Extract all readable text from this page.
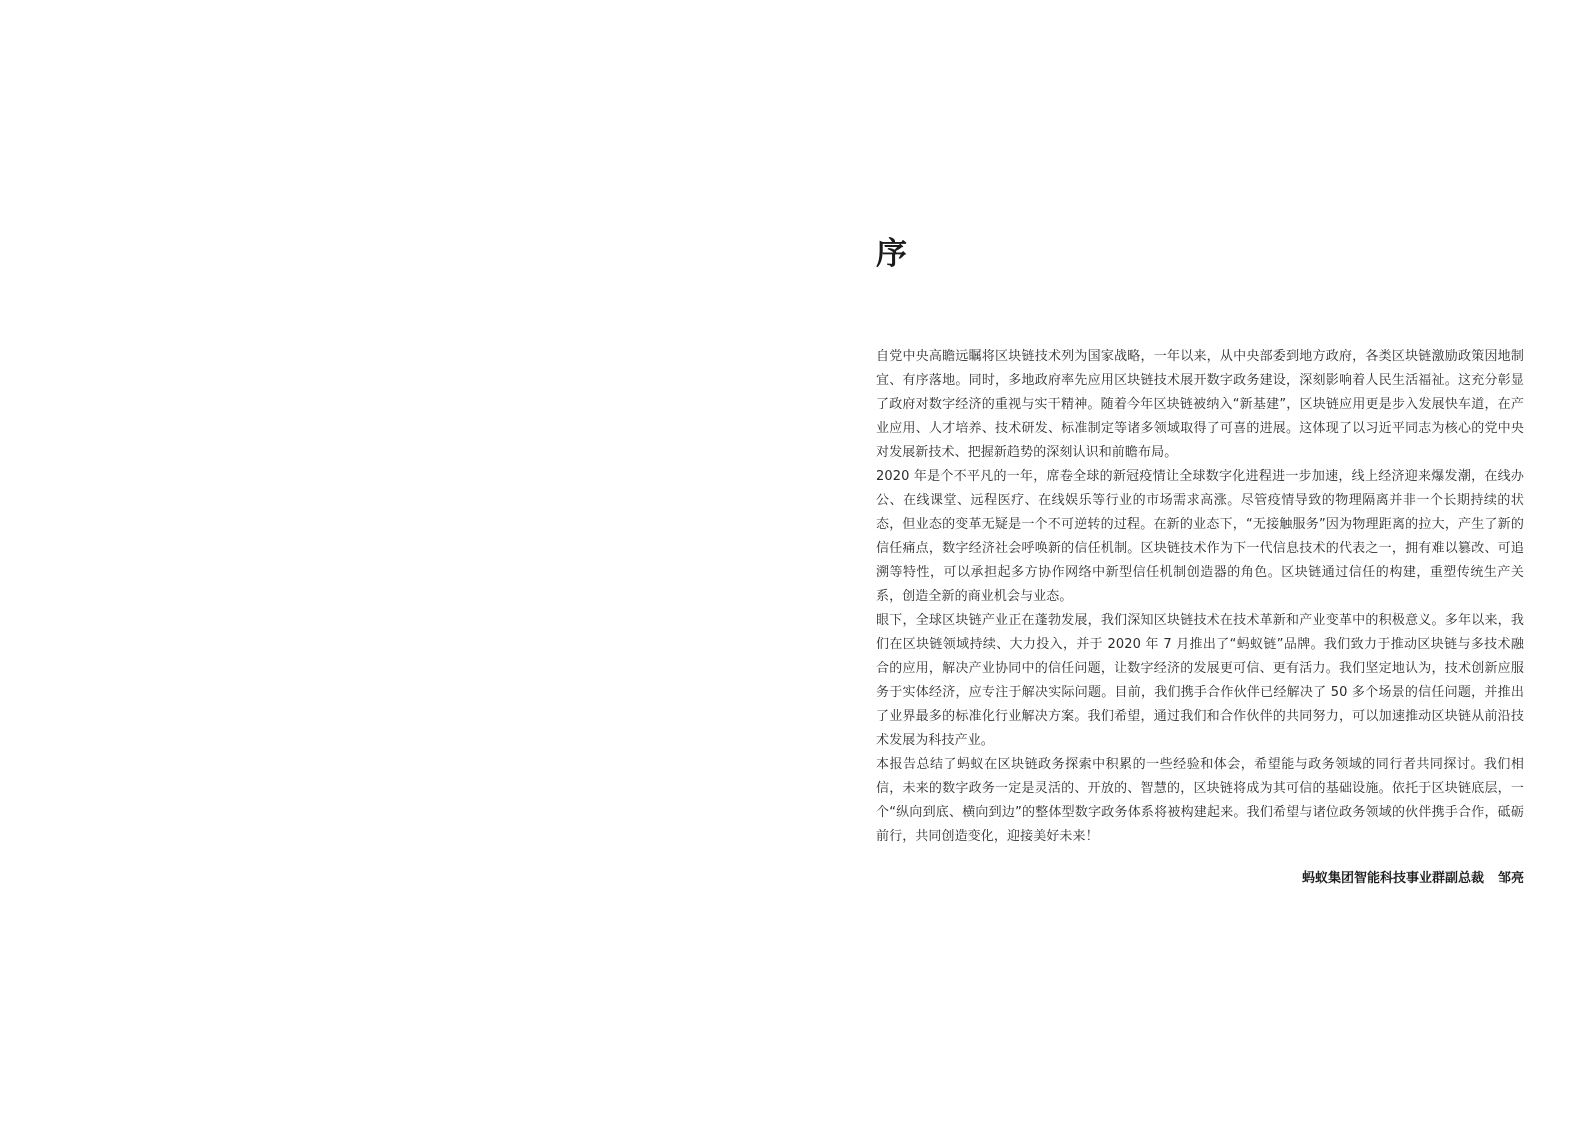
序

自党中央高瞻远瞩将区块链技术列为国家战略，一年以来，从中央部委到地方政府，各类区块链激励政策因地制宜、有序落地。同时，多地政府率先应用区块链技术展开数字政务建设，深刻影响着人民生活福祉。这充分彰显了政府对数字经济的重视与实干精神。随着今年区块链被纳入“新基建”，区块链应用更是步入发展快车道，在产业应用、人才培养、技术研发、标准制定等诸多领域取得了可喜的进展。这体现了以习近平同志为核心的党中央对发展新技术、把握新趋势的深刻认识和前瞻布局。

2020 年是个不平凡的一年，席卷全球的新冠疫情让全球数字化进程进一步加速，线上经济迎来爆发潮，在线办公、在线课堂、远程医疗、在线娱乐等行业的市场需求高涨。尽管疫情导致的物理隔离并非一个长期持续的状态，但业态的变革无疑是一个不可逆转的过程。在新的业态下，“无接触服务”因为物理距离的拉大，产生了新的信任痛点，数字经济社会呼唤新的信任机制。区块链技术作为下一代信息技术的代表之一，拥有难以篡改、可追溯等特性，可以承担起多方协作网络中新型信任机制创造器的角色。区块链通过信任的构建，重塑传统生产关系，创造全新的商业机会与业态。

眼下，全球区块链产业正在蓬勃发展，我们深知区块链技术在技术革新和产业变革中的积极意义。多年以来，我们在区块链领域持续、大力投入，并于 2020 年 7 月推出了“蚂蚁链”品牌。我们致力于推动区块链与多技术融合的应用，解决产业协同中的信任问题，让数字经济的发展更可信、更有活力。我们坚定地认为，技术创新应服务于实体经济，应专注于解决实际问题。目前，我们携手合作伙伴已经解决了 50 多个场景的信任问题，并推出了业界最多的标准化行业解决方案。我们希望，通过我们和合作伙伴的共同努力，可以加速推动区块链从前沿技术发展为科技产业。

本报告总结了蚂蚁在区块链政务探索中积累的一些经验和体会，希望能与政务领域的同行者共同探讨。我们相信，未来的数字政务一定是灵活的、开放的、智慧的，区块链将成为其可信的基础设施。依托于区块链底层，一个“纵向到底、横向到边”的整体型数字政务体系将被构建起来。我们希望与诸位政务领域的伙伴携手合作，砥砺前行，共同创造变化，迎接美好未来！

蚂蚁集团智能科技事业群副总裁 邹亮
